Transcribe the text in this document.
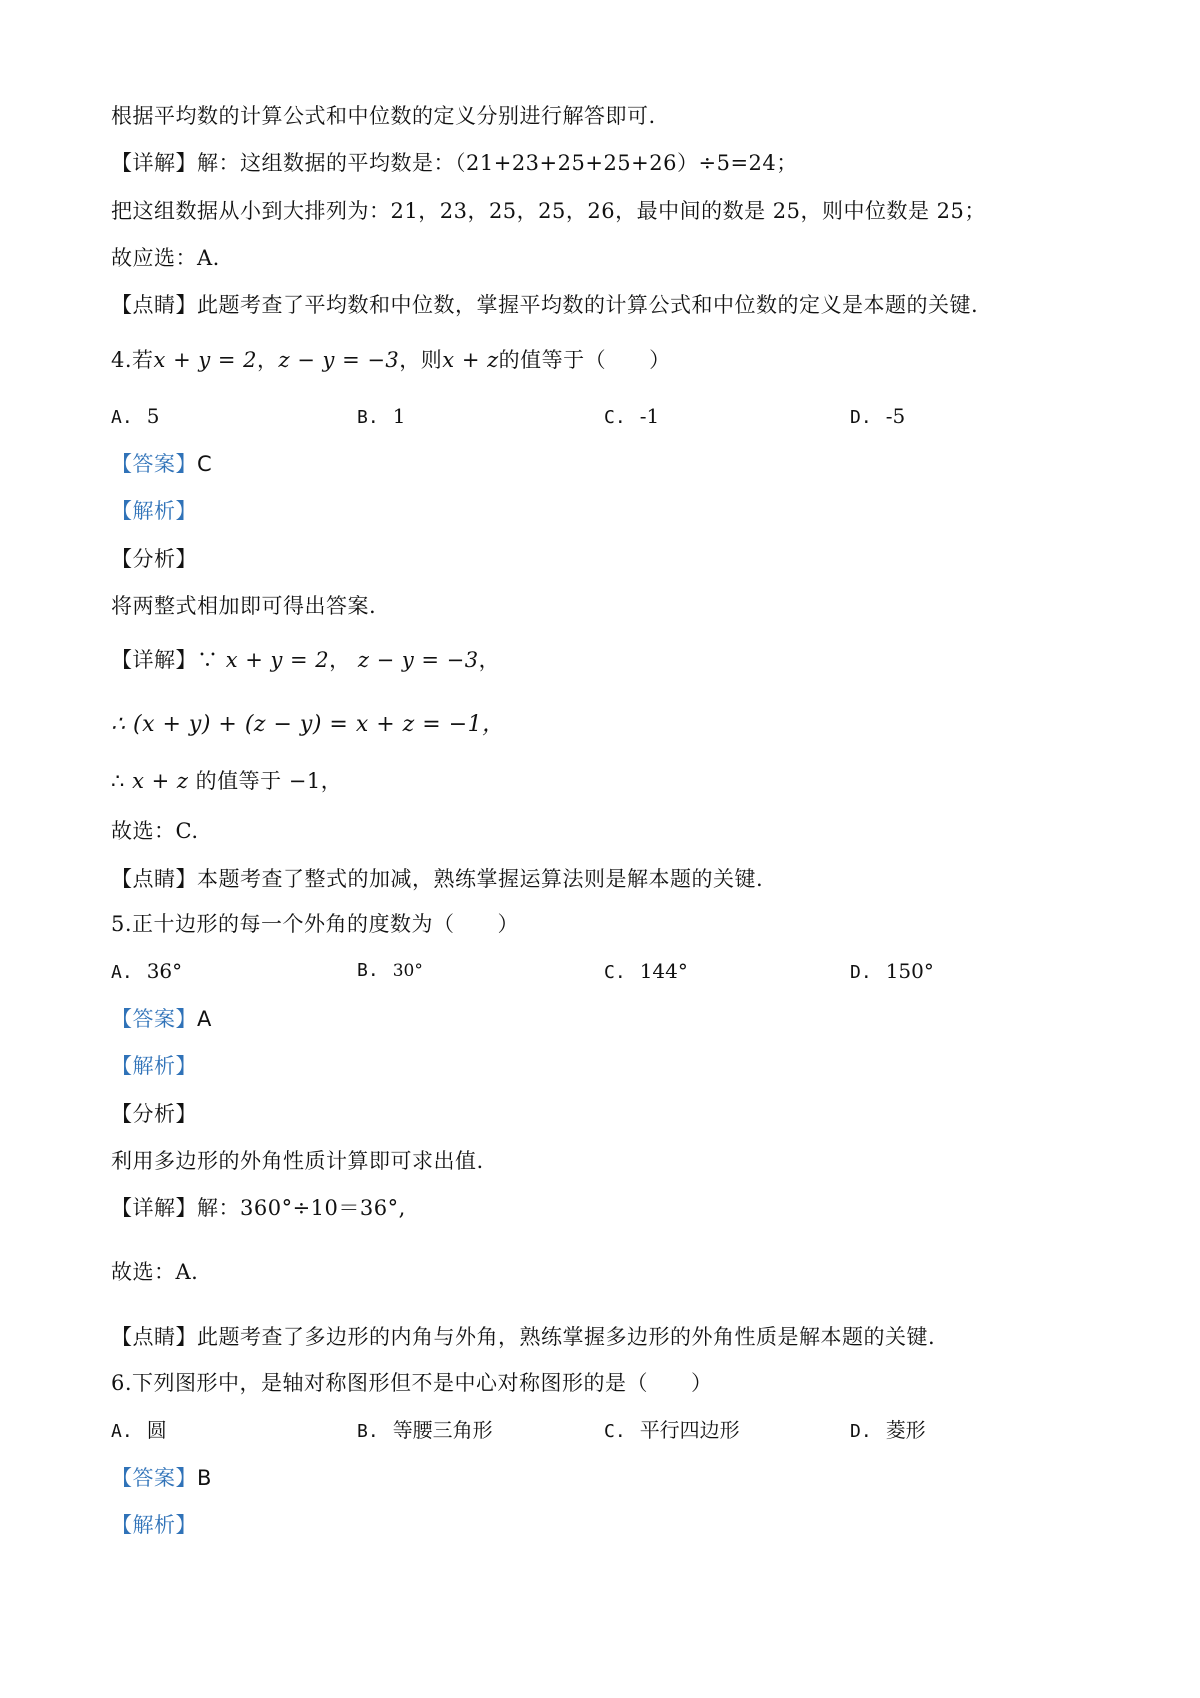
根据平均数的计算公式和中位数的定义分别进行解答即可.

【详解】解：这组数据的平均数是：（21+23+25+25+26）÷5=24；

把这组数据从小到大排列为：21，23，25，25，26，最中间的数是 25，则中位数是 25；

故应选：A.

【点睛】此题考查了平均数和中位数，掌握平均数的计算公式和中位数的定义是本题的关键.

4.若x + y = 2，z − y = −3，则x + z的值等于（　　）

A. 5	B. 1	C. -1	D. -5

【答案】C

【解析】

【分析】

将两整式相加即可得出答案.

【详解】∵ x + y = 2， z − y = −3，

∴ (x + y) + (z − y) = x + z = −1，

∴ x + z 的值等于 −1，

故选：C.

【点睛】本题考查了整式的加减，熟练掌握运算法则是解本题的关键.

5.正十边形的每一个外角的度数为（　　）

A. 36°	B. 30°	C. 144°	D. 150°

【答案】A

【解析】

【分析】

利用多边形的外角性质计算即可求出值.

【详解】解：360°÷10＝36°,

故选：A.

【点睛】此题考查了多边形的内角与外角，熟练掌握多边形的外角性质是解本题的关键.

6.下列图形中，是轴对称图形但不是中心对称图形的是（　　）

A. 圆	B. 等腰三角形	C. 平行四边形	D. 菱形

【答案】B

【解析】
